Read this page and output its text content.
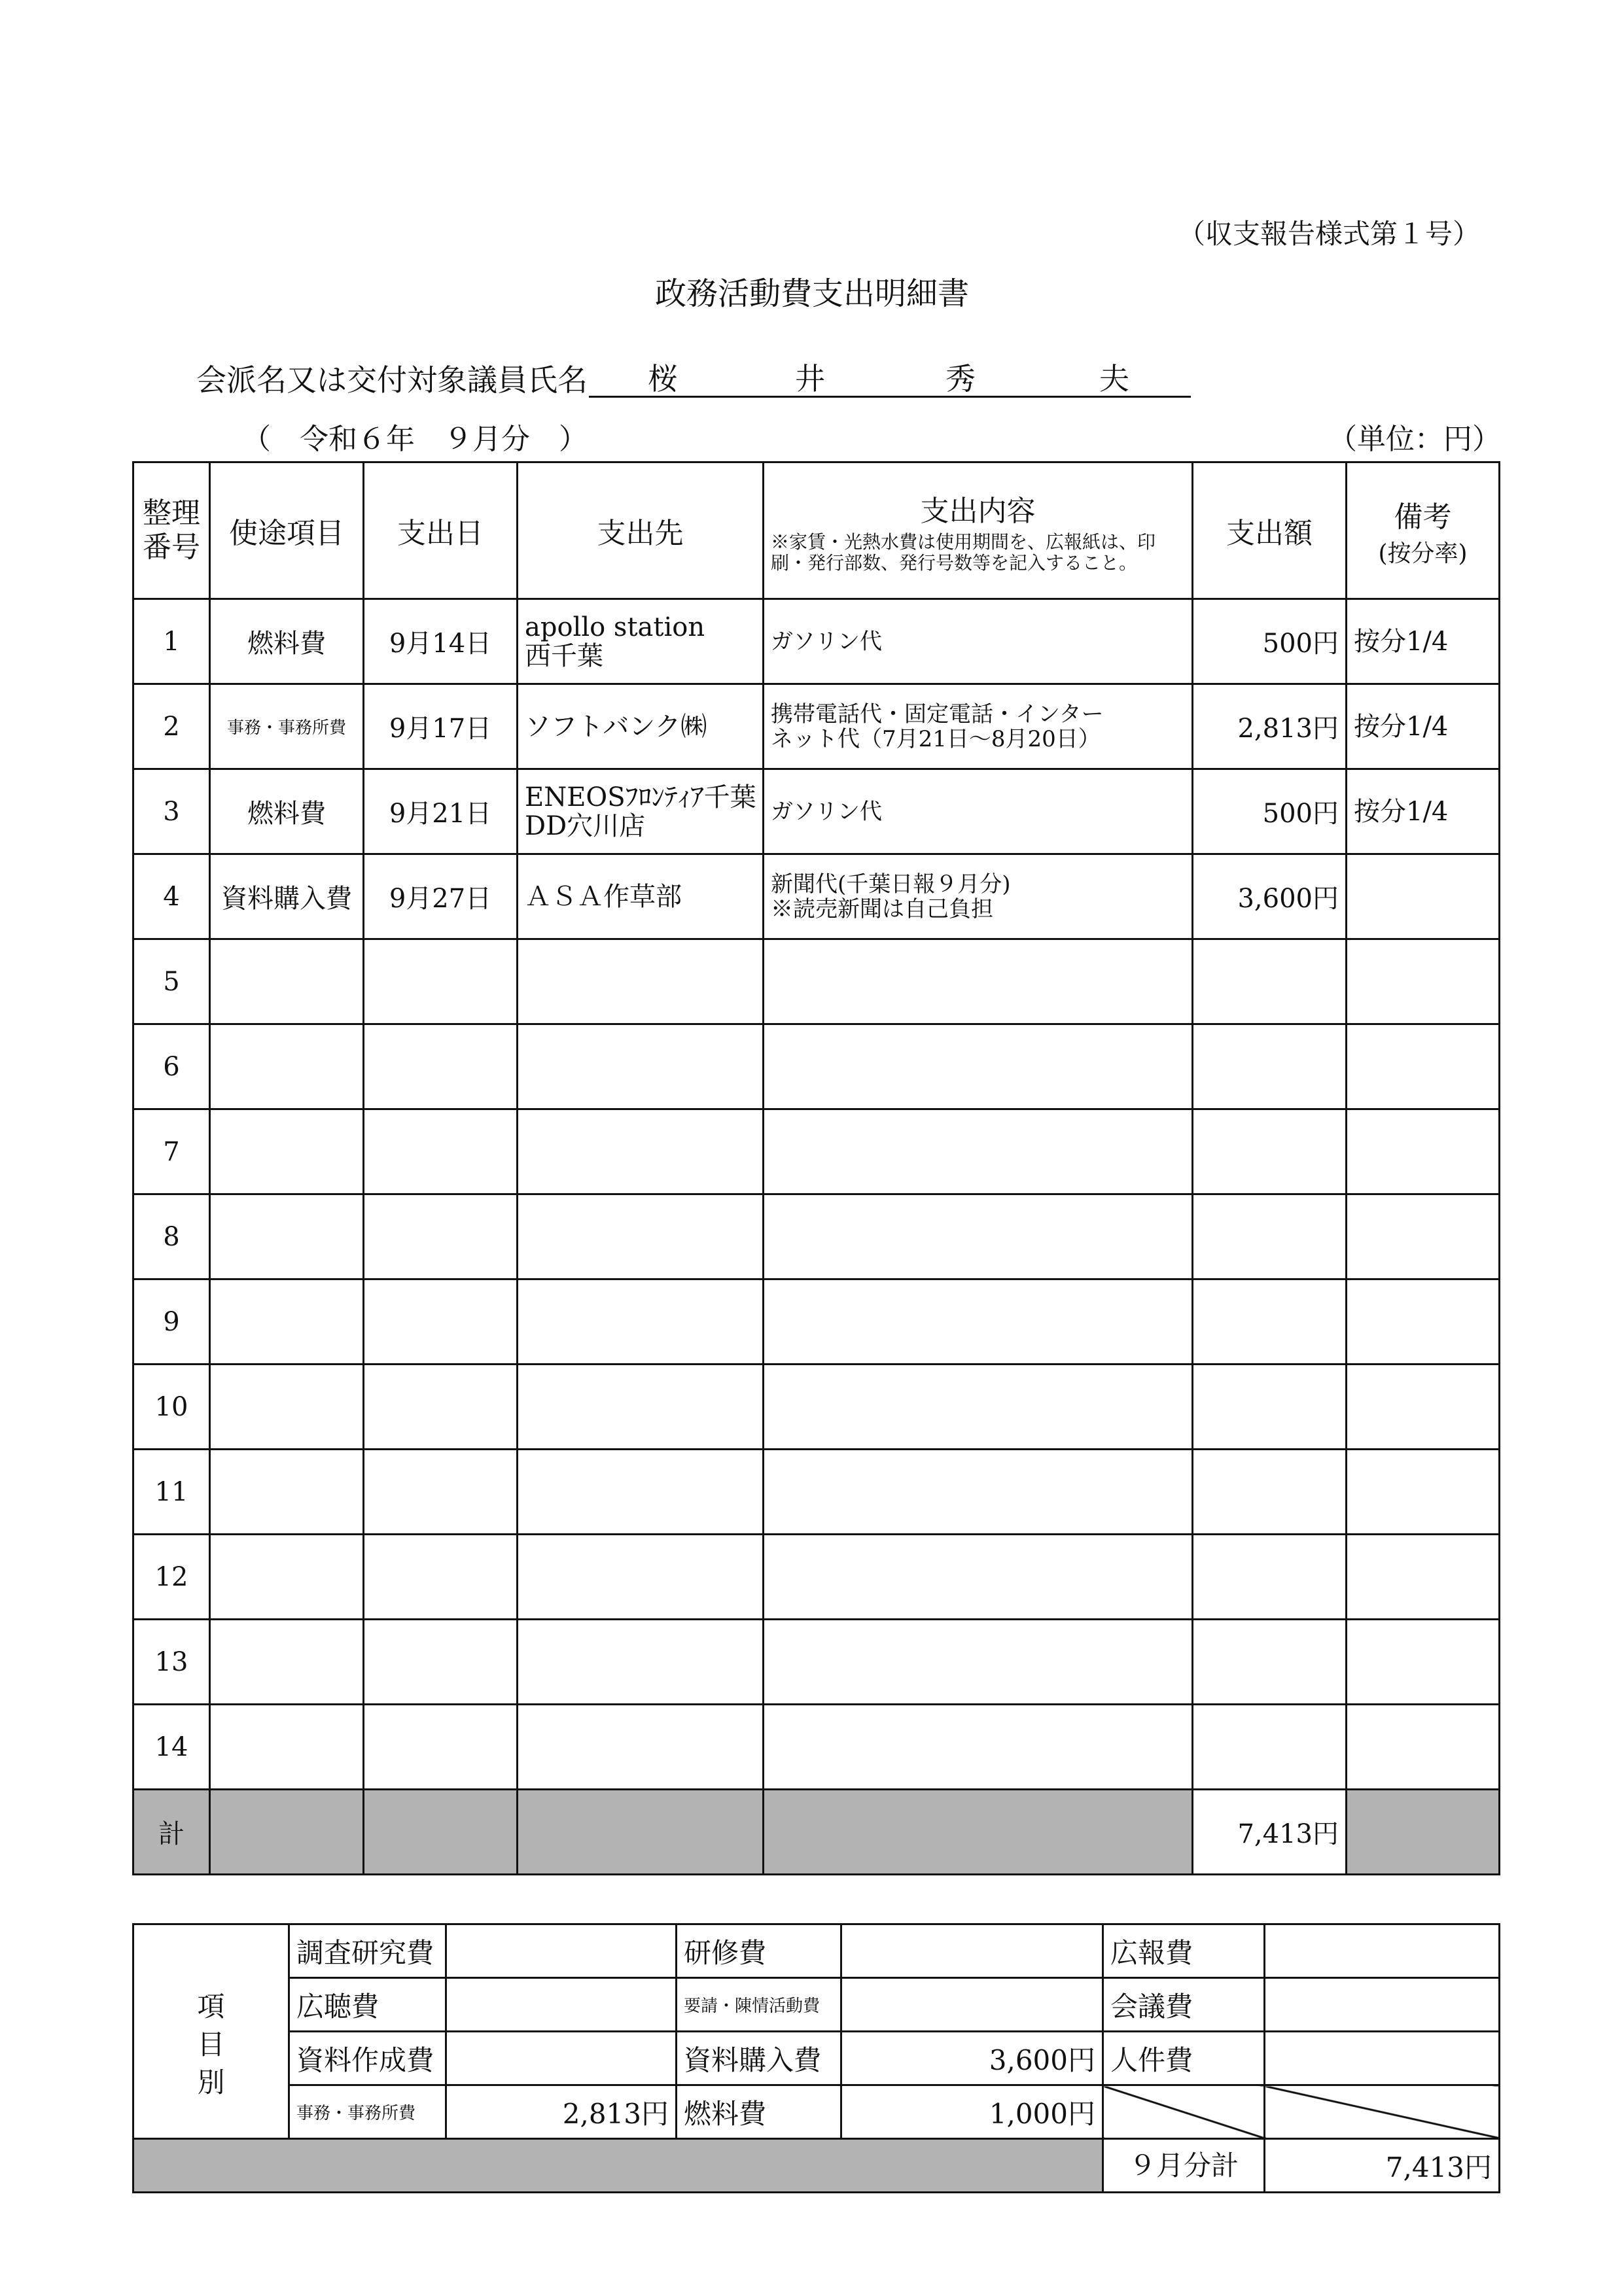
（収支報告様式第１号）
政務活動費支出明細書
会派名又は交付対象議員氏名 桜	井	秀	夫
（　令和６年　９月分　）	（単位：円）
整理番号	使途項目	支出日	支出先	支出内容
※家賃・光熱水費は使用期間を、広報紙は、印刷・発行部数、発行号数等を記入すること。	支出額	備考
(按分率)

1	燃料費	9月14日	apollo station
西千葉	ガソリン代	500円	按分1/4
2	事務・事務所費	9月17日	ソフトバンク㈱	携帯電話代・固定電話・インター
ネット代（7月21日～8月20日）	2,813円	按分1/4
3	燃料費	9月21日	ENEOSﾌﾛﾝﾃｨｱ千葉
DD穴川店	ガソリン代	500円	按分1/4
4	資料購入費	9月27日	ＡＳＡ作草部	新聞代(千葉日報９月分)
※読売新聞は自己負担	3,600円	
5						
6						
7						
8						
9						
10						
11						
12						
13						
14						
計					7,413円	
項
目
別	調査研究費		研修費		広報費	
	広聴費		要請・陳情活動費		会議費	
	資料作成費		資料購入費	3,600円	人件費	
	事務・事務所費	2,813円	燃料費	1,000円		
					９月分計	7,413円
